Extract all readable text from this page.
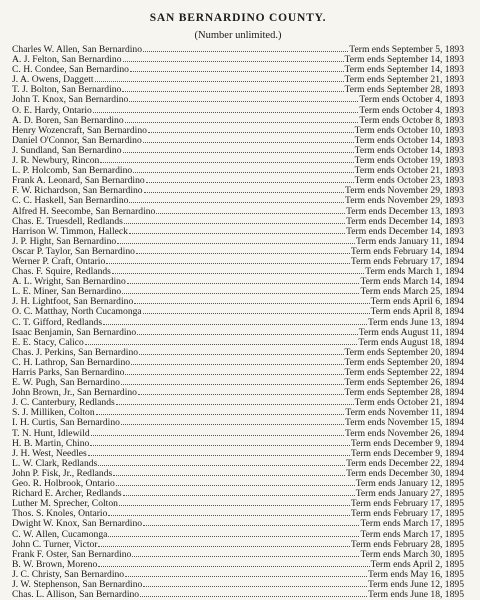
SAN BERNARDINO COUNTY.

(Number unlimited.)

Charles W. Allen, San Bernardino	Term ends September 5, 1893
A. J. Felton, San Bernardino	Term ends September 14, 1893
C. H. Condee, San Bernardino	Term ends September 14, 1893
J. A. Owens, Daggett	Term ends September 21, 1893
T. J. Bolton, San Bernardino	Term ends September 28, 1893
John T. Knox, San Bernardino	Term ends October 4, 1893
O. E. Hardy, Ontario	Term ends October 4, 1893
A. D. Boren, San Bernardino	Term ends October 8, 1893
Henry Wozencraft, San Bernardino	Term ends October 10, 1893
Daniel O'Connor, San Bernardino	Term ends October 14, 1893
J. Sundland, San Bernardino	Term ends October 14, 1893
J. R. Newbury, Rincon	Term ends October 19, 1893
L. P. Holcomb, San Bernardino	Term ends October 21, 1893
Frank A. Leonard, San Bernardino	Term ends October 23, 1893
F. W. Richardson, San Bernardino	Term ends November 29, 1893
C. C. Haskell, San Bernardino	Term ends November 29, 1893
Alfred H. Seecombe, San Bernardino	Term ends December 13, 1893
Chas. E. Truesdell, Redlands	Term ends December 14, 1893
Harrison W. Timmon, Halleck	Term ends December 14, 1893
J. P. Hight, San Bernardino	Term ends January 11, 1894
Oscar P. Taylor, San Bernardino	Term ends February 14, 1894
Werner P. Craft, Ontario	Term ends February 17, 1894
Chas. F. Squire, Redlands	Term ends March 1, 1894
A. L. Wright, San Bernardino	Term ends March 14, 1894
L. E. Miner, San Bernardino	Term ends March 25, 1894
J. H. Lightfoot, San Bernardino	Term ends April 6, 1894
O. C. Matthay, North Cucamonga	Term ends April 8, 1894
C. T. Gifford, Redlands	Term ends June 13, 1894
Isaac Benjamin, San Bernardino	Term ends August 11, 1894
E. E. Stacy, Calico	Term ends August 18, 1894
Chas. J. Perkins, San Bernardino	Term ends September 20, 1894
C. H. Lathrop, San Bernardino	Term ends September 20, 1894
Harris Parks, San Bernardino	Term ends September 22, 1894
E. W. Pugh, San Bernardino	Term ends September 26, 1894
John Brown, Jr., San Bernardino	Term ends September 28, 1894
J. C. Canterbury, Redlands	Term ends October 21, 1894
S. J. Milliken, Colton	Term ends November 11, 1894
I. H. Curtis, San Bernardino	Term ends November 15, 1894
T. N. Hunt, Idlewild	Term ends November 26, 1894
H. B. Martin, Chino	Term ends December 9, 1894
J. H. West, Needles	Term ends December 9, 1894
L. W. Clark, Redlands	Term ends December 22, 1894
John P. Fisk, Jr., Redlands	Term ends December 30, 1894
Geo. R. Holbrook, Ontario	Term ends January 12, 1895
Richard E. Archer, Redlands	Term ends January 27, 1895
Luther M. Sprecher, Colton	Term ends February 17, 1895
Thos. S. Knoles, Ontario	Term ends February 17, 1895
Dwight W. Knox, San Bernardino	Term ends March 17, 1895
C. W. Allen, Cucamonga	Term ends March 17, 1895
John C. Turner, Victor	Term ends February 28, 1895
Frank F. Oster, San Bernardino	Term ends March 30, 1895
B. W. Brown, Moreno	Term ends April 2, 1895
J. C. Christy, San Bernardino	Term ends May 16, 1895
J. W. Stephenson, San Bernardino	Term ends June 12, 1895
Chas. L. Allison, San Bernardino	Term ends June 18, 1895
